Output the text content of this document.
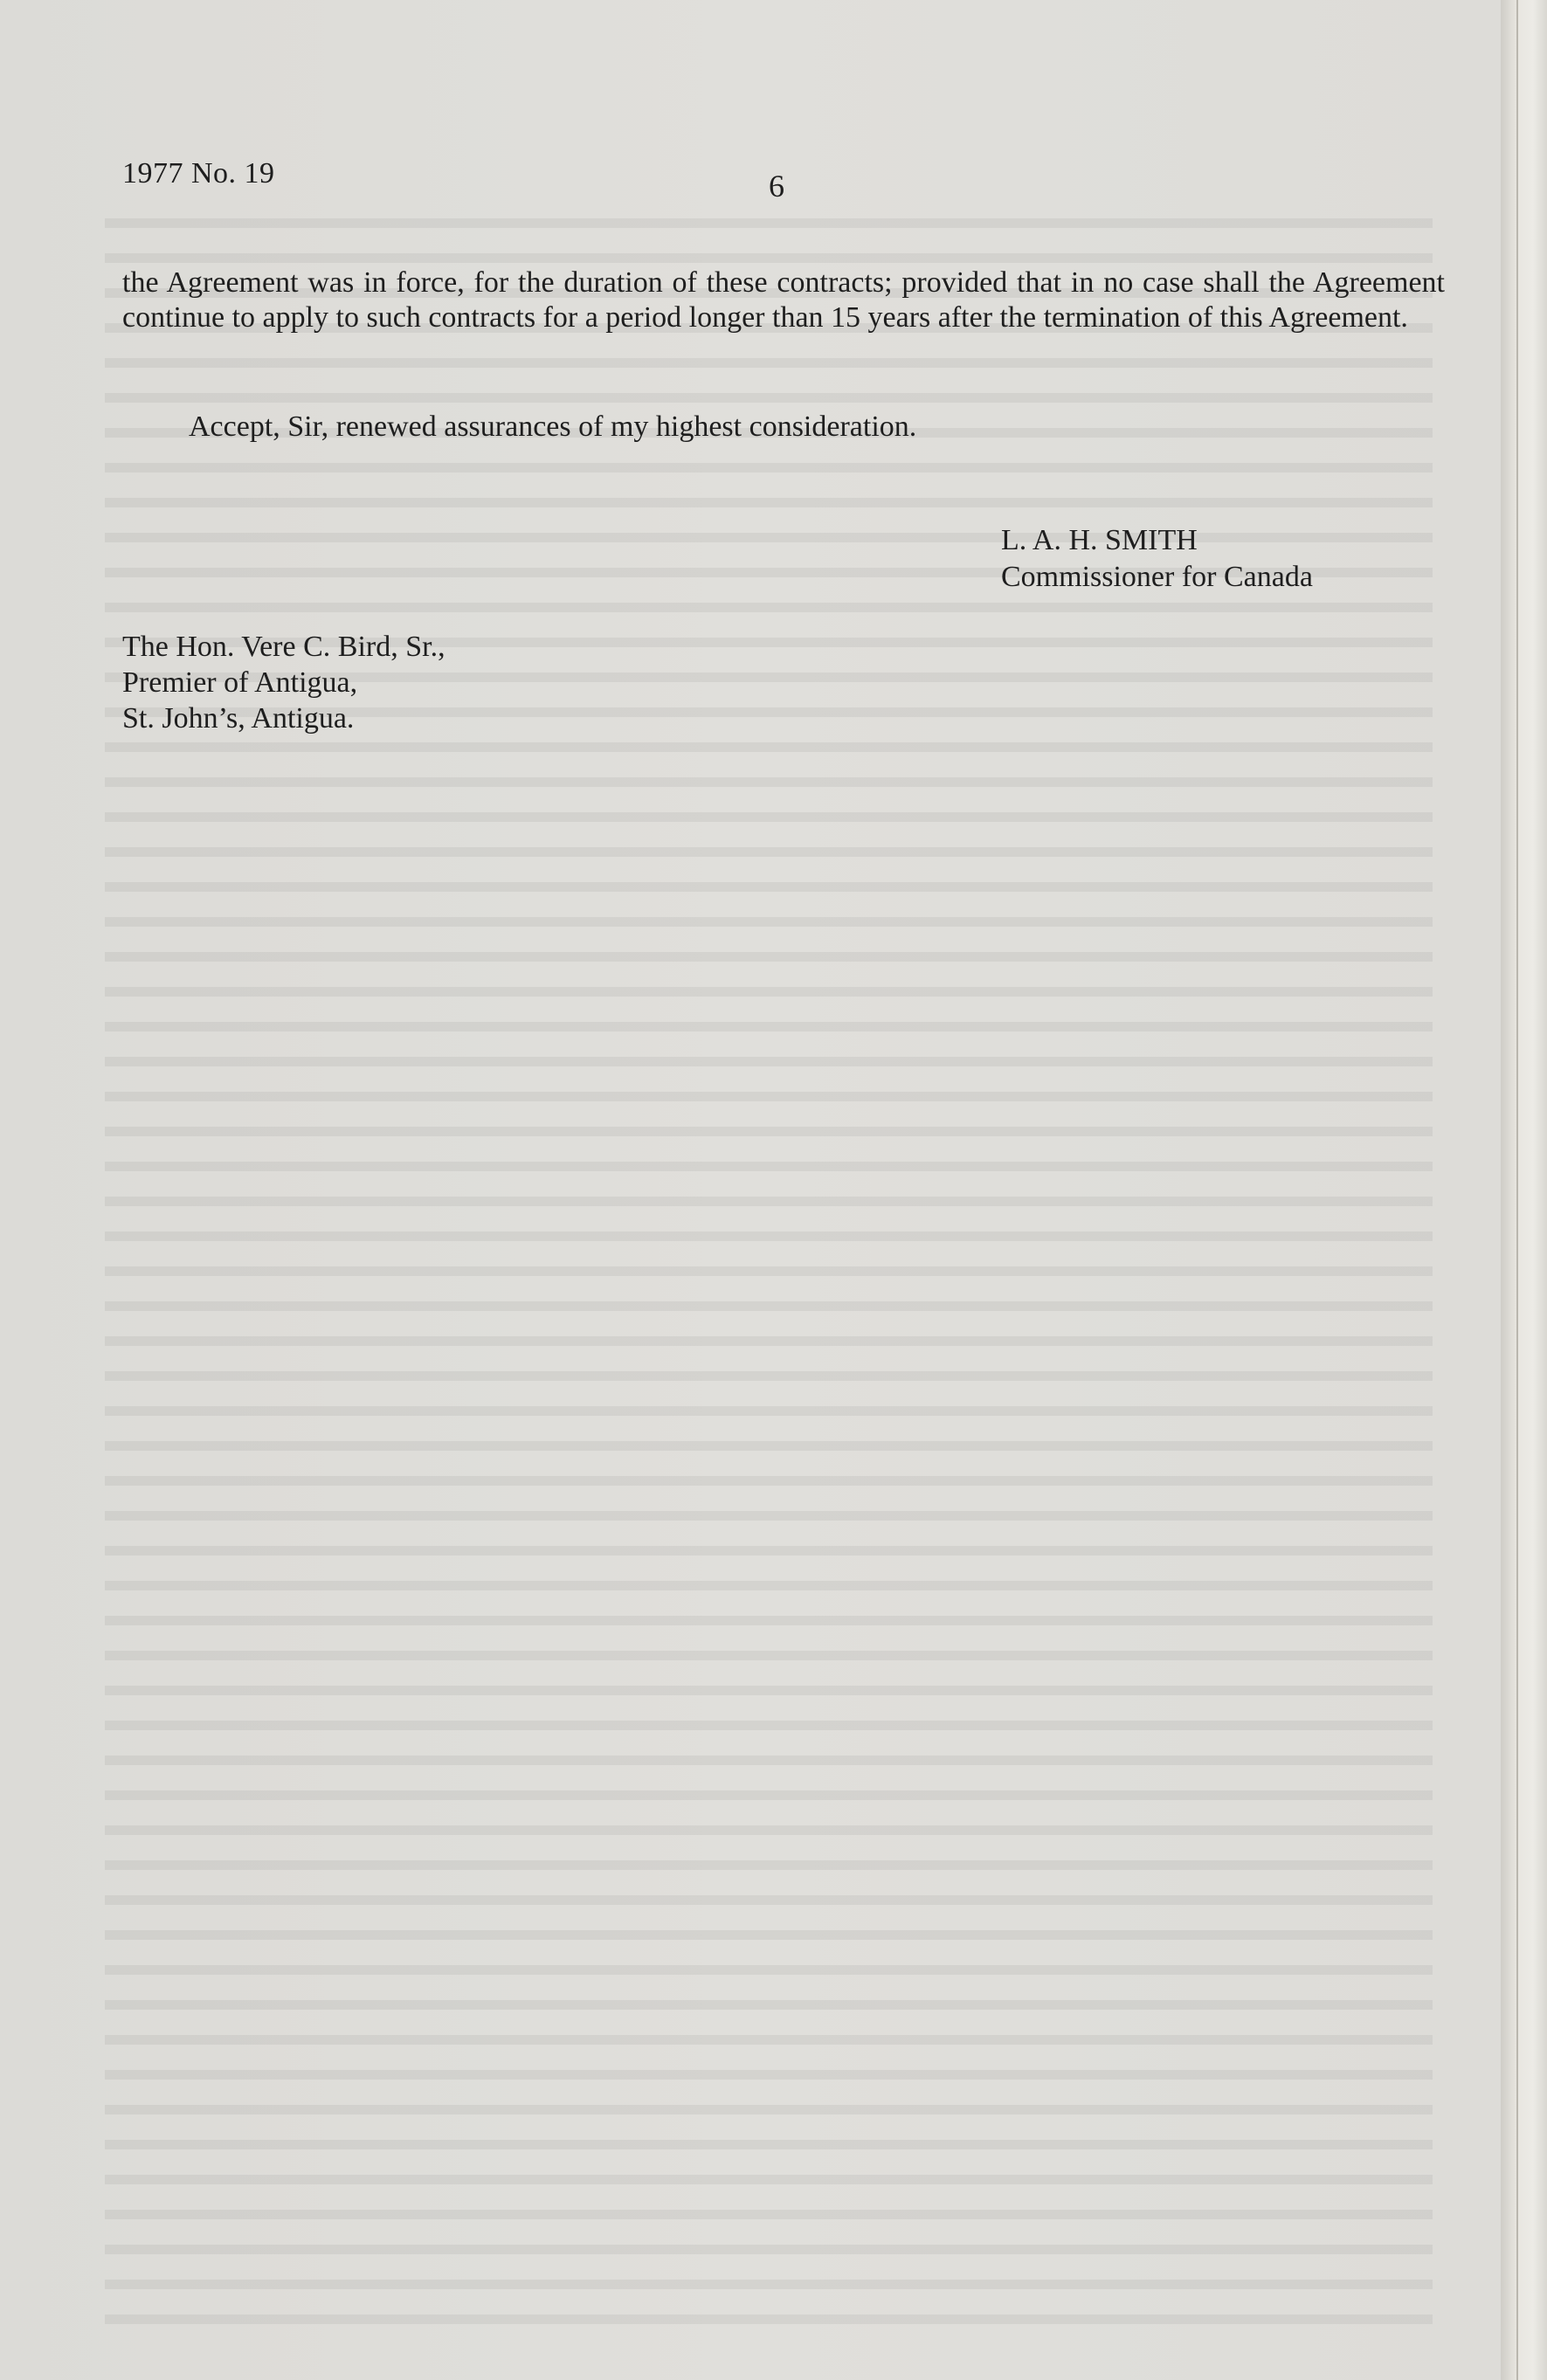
1977 No. 19	6

the Agreement was in force, for the duration of these contracts; provided that in no case shall the Agreement continue to apply to such contracts for a period longer than 15 years after the termination of this Agreement.

Accept, Sir, renewed assurances of my highest consideration.

L. A. H. SMITH
Commissioner for Canada
The Hon. Vere C. Bird, Sr.,
Premier of Antigua,
St. John’s, Antigua.
